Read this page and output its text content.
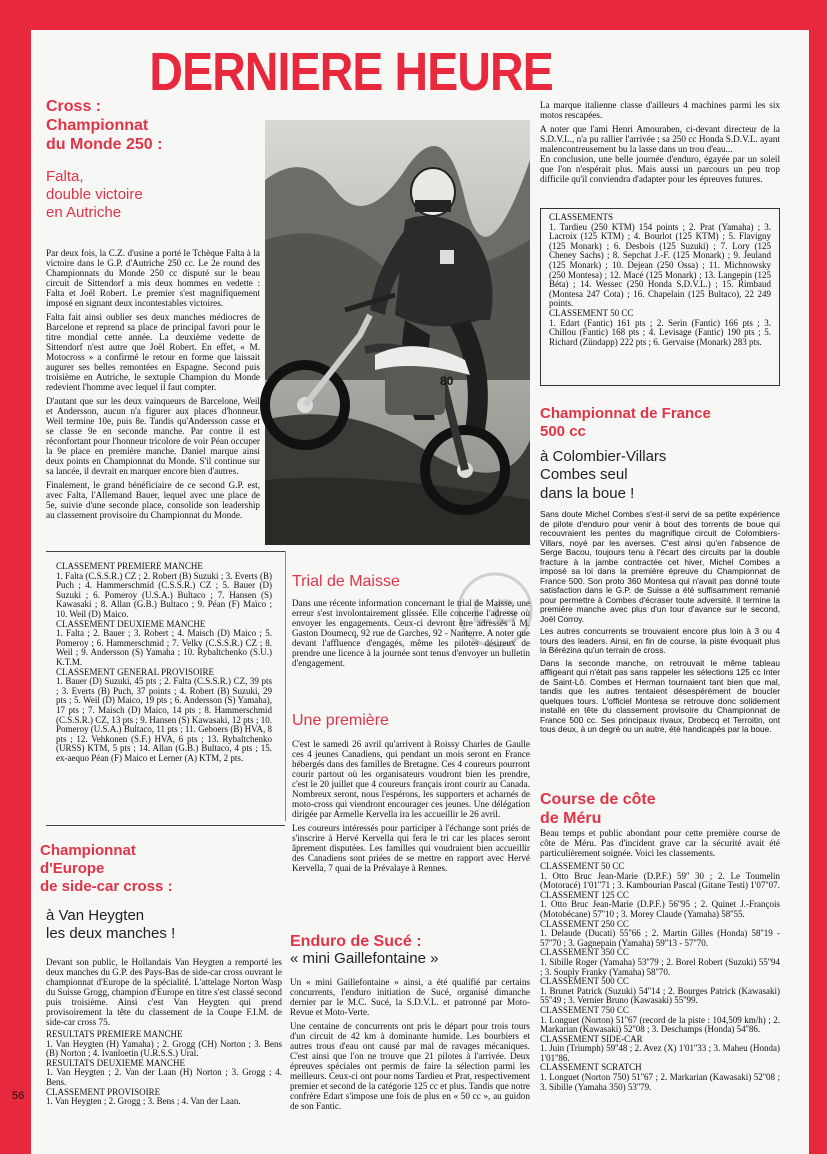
DERNIERE HEURE
80
Cross :
Championnat
du Monde 250 :
Falta,
double victoire
en Autriche

Par deux fois, la C.Z. d'usine a porté le Tchèque Falta à la victoire dans le G.P. d'Autriche 250 cc. Le 2e round des Championnats du Monde 250 cc disputé sur le beau circuit de Sittendorf a mis deux hommes en vedette : Falta et Joël Robert. Le premier s'est magnifiquement imposé en signant deux incontestables victoires.

Falta fait ainsi oublier ses deux manches médiocres de Barcelone et reprend sa place de principal favori pour le titre mondial cette année. La deuxième vedette de Sittendorf n'est autre que Joël Robert. En effet, « M. Motocross » a confirmé le retour en forme que laissait augurer ses belles remontées en Espagne. Second puis troisième en Autriche, le sextuple Champion du Monde redevient l'homme avec lequel il faut compter.

D'autant que sur les deux vainqueurs de Barcelone, Weil et Andersson, aucun n'a figurer aux places d'honneur. Weil termine 10e, puis 8e. Tandis qu'Andersson casse et se classe 9e en seconde manche. Par contre il est réconfortant pour l'honneur tricolore de voir Péan occuper la 9e place en première manche. Daniel marque ainsi deux points en Championnat du Monde. S'il continue sur sa lancée, il devrait en marquer encore bien d'autres.

Finalement, le grand bénéficiaire de ce second G.P. est, avec Falta, l'Allemand Bauer, lequel avec une place de 5e, suivie d'une seconde place, consolide son leadership au classement provisoire du Championnat du Monde.

CLASSEMENT PREMIERE MANCHE
1. Falta (C.S.S.R.) CZ ; 2. Robert (B) Suzuki ; 3. Everts (B) Puch ; 4. Hammerschmid (C.S.S.R.) CZ ; 5. Bauer (D) Suzuki ; 6. Pomeroy (U.S.A.) Bultaco ; 7. Hansen (S) Kawasaki ; 8. Allan (G.B.) Bultaco ; 9. Péan (F) Maïco ; 10. Weil (D) Maico.
CLASSEMENT DEUXIEME MANCHE
1. Falta ; 2. Bauer ; 3. Robert ; 4. Maisch (D) Maico ; 5. Pomeroy ; 6. Hammerschmid ; 7. Velky (C.S.S.R.) CZ ; 8. Weil ; 9. Andersson (S) Yamaha ; 10. Rybaltchenko (S.U.) K.T.M.
CLASSEMENT GENERAL PROVISOIRE
1. Bauer (D) Suzuki, 45 pts ; 2. Falta (C.S.S.R.) CZ, 39 pts ; 3. Everts (B) Puch, 37 points ; 4. Robert (B) Suzuki, 29 pts ; 5. Weil (D) Maico, 19 pts ; 6. Andersson (S) Yamaha), 17 pts ; 7. Maisch (D) Maico, 14 pts ; 8. Hammerschmid (C.S.S.R.) CZ, 13 pts ; 9. Hansen (S) Kawasaki, 12 pts ; 10. Pomeroy (U.S.A.) Bultaco, 11 pts ; 11. Geboers (B) HVA, 8 pts ; 12. Vehkonen (S.F.) HVA, 6 pts ; 13. Rybaltchenko (URSS) KTM, 5 pts ; 14. Allan (G.B.) Bultaco, 4 pts ; 15. ex-aequo Péan (F) Maico et Lerner (A) KTM, 2 pts.
Championnat
d'Europe
de side-car cross :
à Van Heygten
les deux manches !

Devant son public, le Hollandais Van Heygten a remporté les deux manches du G.P. des Pays-Bas de side-car cross ouvrant le championnat d'Europe de la spécialité. L'attelage Norton Wasp du Suisse Grogg, champion d'Europe en titre s'est classé second puis troisième. Ainsi c'est Van Heygten qui prend provisoirement la tête du classement de la Coupe F.I.M. de side-car cross 75.

RESULTATS PREMIERE MANCHE
1. Van Heygten (H) Yamaha) ; 2. Grogg (CH) Norton ; 3. Bens (B) Norton ; 4. Ivanloetin (U.R.S.S.) Ural.
RESULTATS DEUXIEME MANCHE
1. Van Heygten ; 2. Van der Laan (H) Norton ; 3. Grogg ; 4. Bens.
CLASSEMENT PROVISOIRE
1. Van Heygten ; 2. Grogg ; 3. Bens ; 4. Van der Laan.
56
Trial de Maisse
LG

Dans une récente information concernant le trial de Maisse, une erreur s'est involontairement glissée. Elle concerne l'adresse où envoyer les engagements. Ceux-ci devront être adressés à M. Gaston Doumecq, 92 rue de Garches, 92 - Nanterre. A noter que devant l'affluence d'engagés, même les pilotes désireux de prendre une licence à la journée sont tenus d'envoyer un bulletin d'engagement.

Une première

C'est le samedi 26 avril qu'arrivent à Roissy Charles de Gaulle ces 4 jeunes Canadiens, qui pendant un mois seront en France hébergés dans des familles de Bretagne. Ces 4 coureurs pourront courir partout où les organisateurs voudront bien les prendre, c'est le 20 juillet que 4 coureurs français iront courir au Canada. Nombreux seront, nous l'espérons, les supporters et acharnés de moto-cross qui viendront encourager ces jeunes. Une délégation dirigée par Armelle Kervella ira les accueillir le 26 avril.

Les coureurs intéressés pour participer à l'échange sont priés de s'inscrire à Hervé Kervella qui fera le tri car les places seront âprement disputées. Les familles qui voudraient bien accueillir des Canadiens sont priées de se mettre en rapport avec Hervé Kervella, 7 quai de la Prévalaye à Rennes.

Enduro de Sucé :
« mini Gaillefontaine »

Un « mini Gaillefontaine » ainsi, a été qualifié par certains concurrents, l'enduro initiation de Sucé, organisé dimanche dernier par le M.C. Sucé, la S.D.V.L. et patronné par Moto-Revue et Moto-Verte.

Une centaine de concurrents ont pris le départ pour trois tours d'un circuit de 42 km à dominante humide. Les bourbiers et autres trous d'eau ont causé par mal de ravages mécaniques. C'est ainsi que l'on ne trouve que 21 pilotes à l'arrivée. Deux épreuves spéciales ont permis de faire la sélection parmi les meilleurs. Ceux-ci ont pour noms Tardieu et Prat, respectivement premier et second de la catégorie 125 cc et plus. Tandis que notre confrère Edart s'impose une fois de plus en « 50 cc », au guidon de son Fantic.

La marque italienne classe d'ailleurs 4 machines parmi les six motos rescapées.

A noter que l'ami Henri Amouraben, ci-devant directeur de la S.D.V.L., n'a pu rallier l'arrivée ; sa 250 cc Honda S.D.V.L. ayant malencontreusement bu la lasse dans un trou d'eau...

En conclusion, une belle journée d'enduro, égayée par un soleil que l'on n'espérait plus. Mais aussi un parcours un peu trop difficile qu'il conviendra d'adapter pour les épreuves futures.

CLASSEMENTS
1. Tardieu (250 KTM) 154 points ; 2. Prat (Yamaha) ; 3. Lacroix (125 KTM) ; 4. Bourlot (125 KTM) ; 5. Flavigny (125 Monark) ; 6. Desbois (125 Suzuki) ; 7. Lory (125 Cheney Sachs) ; 8. Sepchat J.-F. (125 Monark) ; 9. Jeuland (125 Monark) ; 10. Dejean (250 Ossa) ; 11. Michnowsky (250 Montesa) ; 12. Macé (125 Monark) ; 13. Langepin (125 Béta) ; 14. Wessec (250 Honda S.D.V.L.) ; 15. Rimbaud (Montesa 247 Cota) ; 16. Chapelain (125 Bultaco), 22 249 points.
CLASSEMENT 50 CC
1. Edart (Fantic) 161 pts ; 2. Serin (Fantic) 166 pts ; 3. Chillou (Fantic) 168 pts ; 4. Levisage (Fantic) 190 pts ; 5. Richard (Zündapp) 222 pts ; 6. Gervaise (Monark) 283 pts.
Championnat de France
500 cc
à Colombier-Villars
Combes seul
dans la boue !

Sans doute Michel Combes s'est-il servi de sa petite expérience de pilote d'enduro pour venir à bout des torrents de boue qui recouvraient les pentes du magnifique circuit de Colombiers-Villars, noyé par les averses. C'est ainsi qu'en l'absence de Serge Bacou, toujours tenu à l'écart des circuits par la double fracture à la jambe contractée cet hiver, Michel Combes a imposé sa loi dans la première épreuve du Championnat de France 500. Son proto 360 Montesa qui n'avait pas donné toute satisfaction dans le G.P. de Suisse a été suffisamment remanié pour permettre à Combes d'écraser toute adversité. Il termine la première manche avec plus d'un tour d'avance sur le second, Joël Corroy.

Les autres concurrents se trouvaient encore plus loin à 3 ou 4 tours des leaders. Ainsi, en fin de course, la piste évoquait plus la Bérézina qu'un terrain de cross.

Dans la seconde manche, on retrouvait le même tableau affligeant qui n'était pas sans rappeler les sélections 125 cc Inter de Saint-Lô. Combes et Herman tournaient tant bien que mal, tandis que les autres tentaient désespérément de boucler quelques tours. L'officiel Montesa se retrouve donc solidement installé en tête du classement provisoire du Championnat de France 500 cc. Ses principaux rivaux, Drobecq et Terroitin, ont tous deux, à un degré ou un autre, été handicapés par la boue.

Course de côte
de Méru

Beau temps et public abondant pour cette première course de côte de Méru. Pas d'incident grave car la sécurité avait été particulièrement soignée. Voici les classements.

CLASSEMENT 50 CC
1. Otto Bruc Jean-Marie (D.P.F.) 59'' 30 ; 2. Le Toumelin (Motoracé) 1'01''71 ; 3. Kambourian Pascal (Gitane Testi) 1'07''07.
CLASSEMENT 125 CC
1. Otto Bruc Jean-Marie (D.P.F.) 56''95 ; 2. Quinet J.-François (Motobécane) 57''10 ; 3. Morey Claude (Yamaha) 58''55.
CLASSEMENT 250 CC
1. Delaude (Ducati) 55''66 ; 2. Martin Gilles (Honda) 58''19 - 57''70 ; 3. Gagnepain (Yamaha) 59''13 - 57''70.
CLASSEMENT 350 CC
1. Sibille Roger (Yamaha) 53''79 ; 2. Borel Robert (Suzuki) 55''94 ; 3. Souply Franky (Yamaha) 58''70.
CLASSEMENT 500 CC
1. Brunet Patrick (Suzuki) 54''14 ; 2. Bourges Patrick (Kawasaki) 55''49 ; 3. Vernier Bruno (Kawasaki) 55''99.
CLASSEMENT 750 CC
1. Longuet (Norton) 51''67 (record de la piste : 104,509 km/h) ; 2. Markarian (Kawasaki) 52''08 ; 3. Deschamps (Honda) 54''86.
CLASSEMENT SIDE-CAR
1. Juin (Triumph) 59''48 ; 2. Avez (X) 1'01''33 ; 3. Maheu (Honda) 1'01''86.
CLASSEMENT SCRATCH
1. Longuet (Norton 750) 51''67 ; 2. Markarian (Kawasaki) 52''08 ; 3. Sibille (Yamaha 350) 53''79.
